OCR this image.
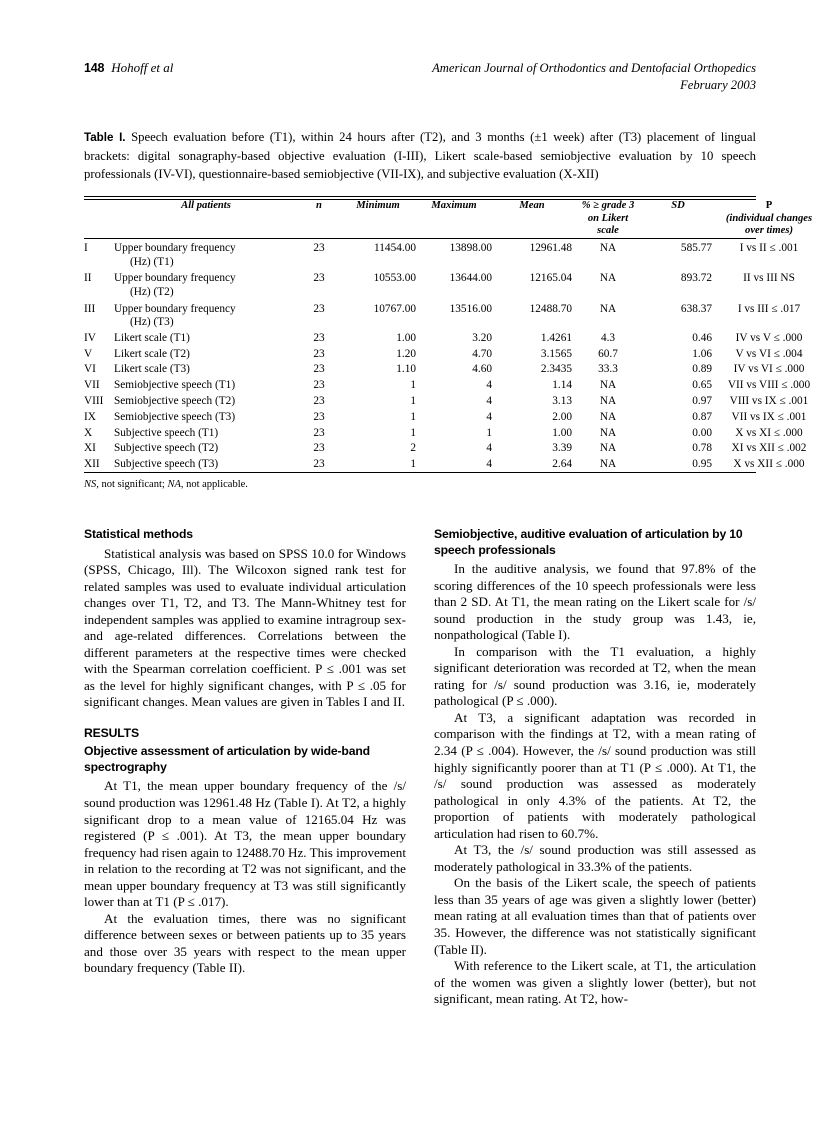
148 Hohoff et al	American Journal of Orthodontics and Dentofacial Orthopedics
February 2003

Table I. Speech evaluation before (T1), within 24 hours after (T2), and 3 months (±1 week) after (T3) placement of lingual brackets: digital sonagraphy-based objective evaluation (I-III), Likert scale-based semiobjective evaluation by 10 speech professionals (IV-VI), questionnaire-based semiobjective (VII-IX), and subjective evaluation (X-XII)

	All patients	n	Minimum	Maximum	Mean	% ≥ grade 3
on Likert
scale	SD	P
(individual changes
over times)
I	Upper boundary frequency
(Hz) (T1)	23	11454.00	13898.00	12961.48	NA	585.77	I vs II ≤ .001
II	Upper boundary frequency
(Hz) (T2)	23	10553.00	13644.00	12165.04	NA	893.72	II vs III NS
III	Upper boundary frequency
(Hz) (T3)	23	10767.00	13516.00	12488.70	NA	638.37	I vs III ≤ .017
IV	Likert scale (T1)	23	1.00	3.20	1.4261	4.3	0.46	IV vs V ≤ .000
V	Likert scale (T2)	23	1.20	4.70	3.1565	60.7	1.06	V vs VI ≤ .004
VI	Likert scale (T3)	23	1.10	4.60	2.3435	33.3	0.89	IV vs VI ≤ .000
VII	Semiobjective speech (T1)	23	1	4	1.14	NA	0.65	VII vs VIII ≤ .000
VIII	Semiobjective speech (T2)	23	1	4	3.13	NA	0.97	VIII vs IX ≤ .001
IX	Semiobjective speech (T3)	23	1	4	2.00	NA	0.87	VII vs IX ≤ .001
X	Subjective speech (T1)	23	1	1	1.00	NA	0.00	X vs XI ≤ .000
XI	Subjective speech (T2)	23	2	4	3.39	NA	0.78	XI vs XII ≤ .002
XII	Subjective speech (T3)	23	1	4	2.64	NA	0.95	X vs XII ≤ .000
NS, not significant; NA, not applicable.
Statistical methods

Statistical analysis was based on SPSS 10.0 for Windows (SPSS, Chicago, Ill). The Wilcoxon signed rank test for related samples was used to evaluate individual articulation changes over T1, T2, and T3. The Mann-Whitney test for independent samples was applied to examine intragroup sex- and age-related differences. Correlations between the different parameters at the respective times were checked with the Spearman correlation coefficient. P ≤ .001 was set as the level for highly significant changes, with P ≤ .05 for significant changes. Mean values are given in Tables I and II.

RESULTS
Objective assessment of articulation by wide-band spectrography

At T1, the mean upper boundary frequency of the /s/ sound production was 12961.48 Hz (Table I). At T2, a highly significant drop to a mean value of 12165.04 Hz was registered (P ≤ .001). At T3, the mean upper boundary frequency had risen again to 12488.70 Hz. This improvement in relation to the recording at T2 was not significant, and the mean upper boundary frequency at T3 was still significantly lower than at T1 (P ≤ .017).

At the evaluation times, there was no significant difference between sexes or between patients up to 35 years and those over 35 years with respect to the mean upper boundary frequency (Table II).

Semiobjective, auditive evaluation of articulation by 10 speech professionals

In the auditive analysis, we found that 97.8% of the scoring differences of the 10 speech professionals were less than 2 SD. At T1, the mean rating on the Likert scale for /s/ sound production in the study group was 1.43, ie, nonpathological (Table I).

In comparison with the T1 evaluation, a highly significant deterioration was recorded at T2, when the mean rating for /s/ sound production was 3.16, ie, moderately pathological (P ≤ .000).

At T3, a significant adaptation was recorded in comparison with the findings at T2, with a mean rating of 2.34 (P ≤ .004). However, the /s/ sound production was still highly significantly poorer than at T1 (P ≤ .000). At T1, the /s/ sound production was assessed as moderately pathological in only 4.3% of the patients. At T2, the proportion of patients with moderately pathological articulation had risen to 60.7%.

At T3, the /s/ sound production was still assessed as moderately pathological in 33.3% of the patients.

On the basis of the Likert scale, the speech of patients less than 35 years of age was given a slightly lower (better) mean rating at all evaluation times than that of patients over 35. However, the difference was not statistically significant (Table II).

With reference to the Likert scale, at T1, the articulation of the women was given a slightly lower (better), but not significant, mean rating. At T2, how-
